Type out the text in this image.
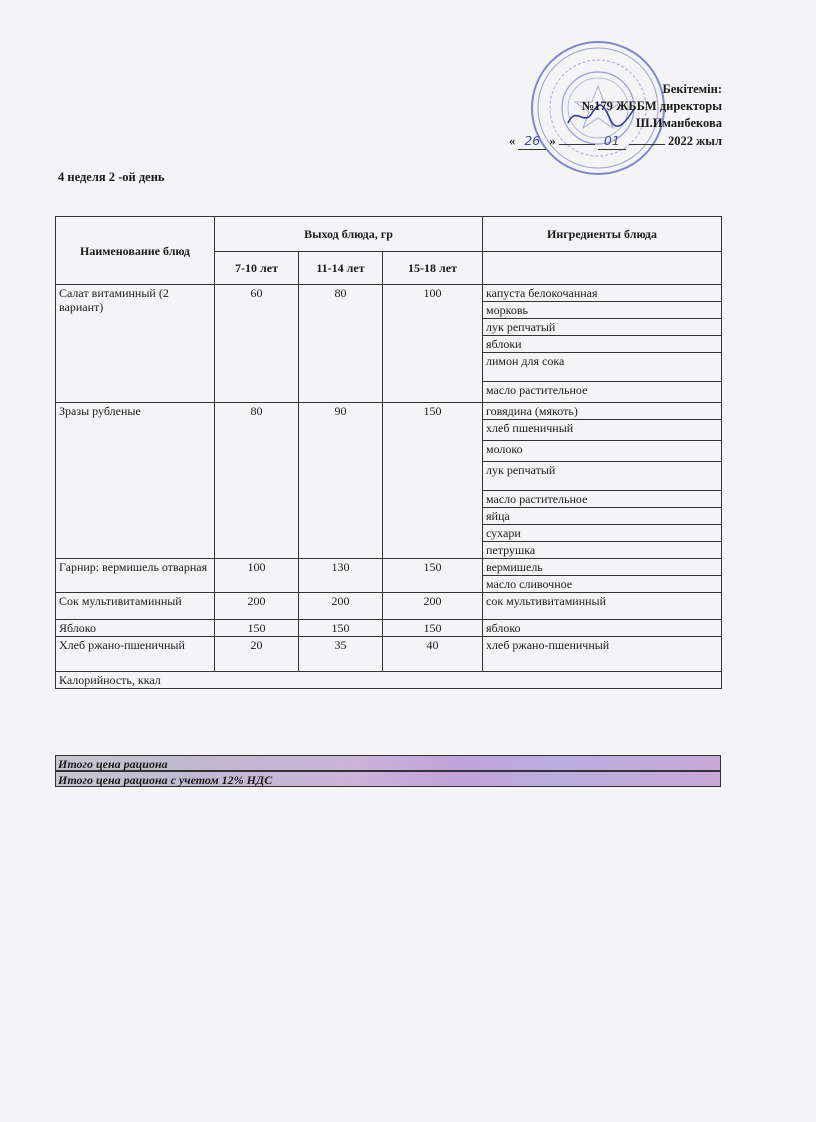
Бекітемін:
№179 ЖББМ директоры
Ш.Иманбекова
« 26 »	01	2022 жыл
4 неделя 2 -ой день
Наименование блюд	Выход блюда, гр			Ингредиенты блюда
	7-10 лет	11-14 лет	15-18 лет	
Салат витаминный (2 вариант)	60	80	100	капуста белокочанная
				морковь
				лук репчатый
				яблоки
				лимон для сока
				масло растительное
Зразы рубленые	80	90	150	говядина (мякоть)
				хлеб пшеничный
				молоко
				лук репчатый
				масло растительное
				яйца
				сухари
				петрушка
Гарнир: вермишель отварная	100	130	150	вермишель
				масло сливочное
Сок мультивитаминный	200	200	200	сок мультивитаминный
Яблоко	150	150	150	яблоко
Хлеб ржано-пшеничный	20	35	40	хлеб ржано-пшеничный
Калорийность, ккал				
Итого цена рациона
Итого цена рациона с учетом 12% НДС
